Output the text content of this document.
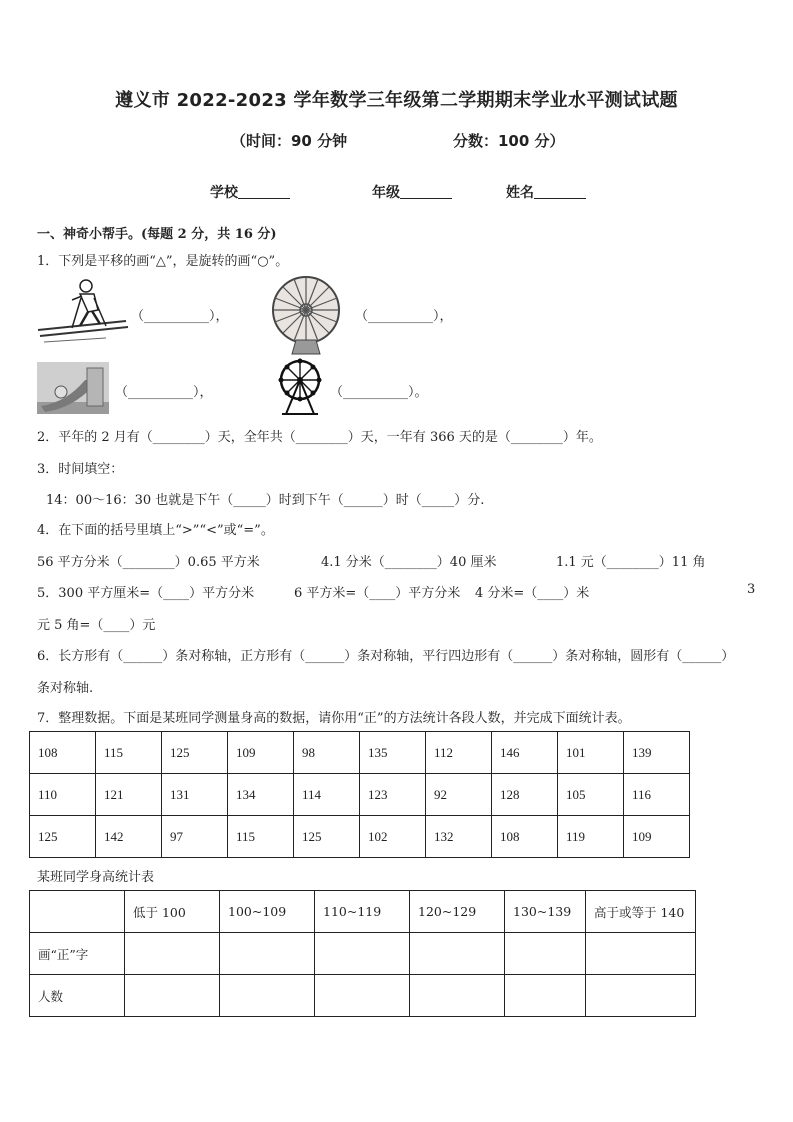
遵义市 2022-2023 学年数学三年级第二学期期末学业水平测试试题
（时间：90 分钟	分数：100 分）
学校	年级	姓名
一、神奇小帮手。(每题 2 分，共 16 分)
1．下列是平移的画“△”，是旋转的画“○”。
（__________），	（__________），
（__________），	（__________）。
2．平年的 2 月有（________）天，全年共（________）天，一年有 366 天的是（________）年。
3．时间填空：
14：00～16：30 也就是下午（_____）时到下午（______）时（_____）分.
4．在下面的括号里填上“>”“<”或“=”。
56 平方分米（________）0.65 平方米	4.1 分米（________）40 厘米	1.1 元（________）11 角
5．300 平方厘米=（____）平方分米	6 平方米=（____）平方分米 4 分米=（____）米	3
元 5 角=（____）元
6．长方形有（______）条对称轴，正方形有（______）条对称轴，平行四边形有（______）条对称轴，圆形有（______）
条对称轴.
7．整理数据。下面是某班同学测量身高的数据，请你用“正”的方法统计各段人数，并完成下面统计表。
108	115	125	109	98	135	112	146	101	139
110	121	131	134	114	123	92	128	105	116
125	142	97	115	125	102	132	108	119	109
某班同学身高统计表
	低于 100	100~109	110~119	120~129	130~139	高于或等于 140
画“正”字						
人数						
